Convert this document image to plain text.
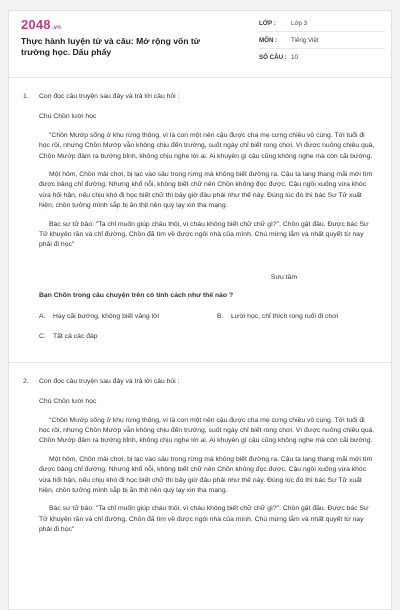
2048.vn
Thực hành luyện từ và câu: Mở rộng vốn từ trường học. Dấu phẩy
LỚP :	Lớp 3
MÔN :	Tiếng Việt
SỐ CÂU : 10
1. Con đọc câu truyện sau đây và trả lời câu hỏi :
Chú Chồn lười học

"Chồn Mướp sống ở khu rừng thông, vì là con một nên cậu được cha mẹ cưng chiều vô cùng. Tới tuổi đi học rồi, nhưng Chồn Mướp vẫn không chịu đến trường, suốt ngày chỉ biết rong chơi. Vì được nuông chiều quá, Chồn Mướp đâm ra bướng bỉnh, không chịu nghe lời ai. Ai khuyên gì cậu cũng không nghe mà còn cãi bướng.

Một hôm, Chồn mải chơi, bị lạc vào sâu trong rừng mà không biết đường ra. Cậu ta lang thang mãi mới tìm được bảng chỉ đường. Nhưng khổ nỗi, không biết chữ nên Chồn không đọc được. Cậu ngồi xuống vừa khóc vừa hối hận, nếu chịu khó đi học biết chữ thì bây giờ đâu phải như thế này. Đúng lúc đó thì bác Sư Tử xuất hiện, chồn tưởng mình sắp bị ăn thịt nên quỳ lạy xin tha mạng.

Bác sư tử bảo: "Ta chỉ muốn giúp cháu thôi, vì cháu không biết chữ chữ gì?". Chồn gật đầu. Được bác Sư Tử khuyên răn và chỉ đường, Chồn đã tìm về được ngôi nhà của mình. Chú mừng lắm và nhất quyết từ nay phải đi học"

Sưu tầm
Bạn Chồn trong câu chuyện trên có tính cách như thế nào ?
A. Hay cãi bướng, không biết vâng lời	B. Lười học, chỉ thích rong ruổi đi chơi
C. Tất cả các đáp
2. Con đọc câu truyện sau đây và trả lời câu hỏi :
Chú Chồn lười học

"Chồn Mướp sống ở khu rừng thông, vì là con một nên cậu được cha mẹ cưng chiều vô cùng. Tới tuổi đi học rồi, nhưng Chồn Mướp vẫn không chịu đến trường, suốt ngày chỉ biết rong chơi. Vì được nuông chiều quá, Chồn Mướp đâm ra bướng bỉnh, không chịu nghe lời ai. Ai khuyên gì cậu cũng không nghe mà còn cãi bướng.

Một hôm, Chồn mải chơi, bị lạc vào sâu trong rừng mà không biết đường ra. Cậu ta lang thang mãi mới tìm được bảng chỉ đường. Nhưng khổ nỗi, không biết chữ nên Chồn không đọc được. Cậu ngồi xuống vừa khóc vừa hối hận, nếu chịu khó đi học biết chữ thì bây giờ đâu phải như thế này. Đúng lúc đó thì bác Sư Tử xuất hiện, chồn tưởng mình sắp bị ăn thịt nên quỳ lạy xin tha mạng.

Bác sư tử bảo: "Ta chỉ muốn giúp cháu thôi, vì cháu không biết chữ chữ gì?". Chồn gật đầu. Được bác Sư Tử khuyên răn và chỉ đường, Chồn đã tìm về được ngôi nhà của mình. Chú mừng lắm và nhất quyết từ nay phải đi học"
